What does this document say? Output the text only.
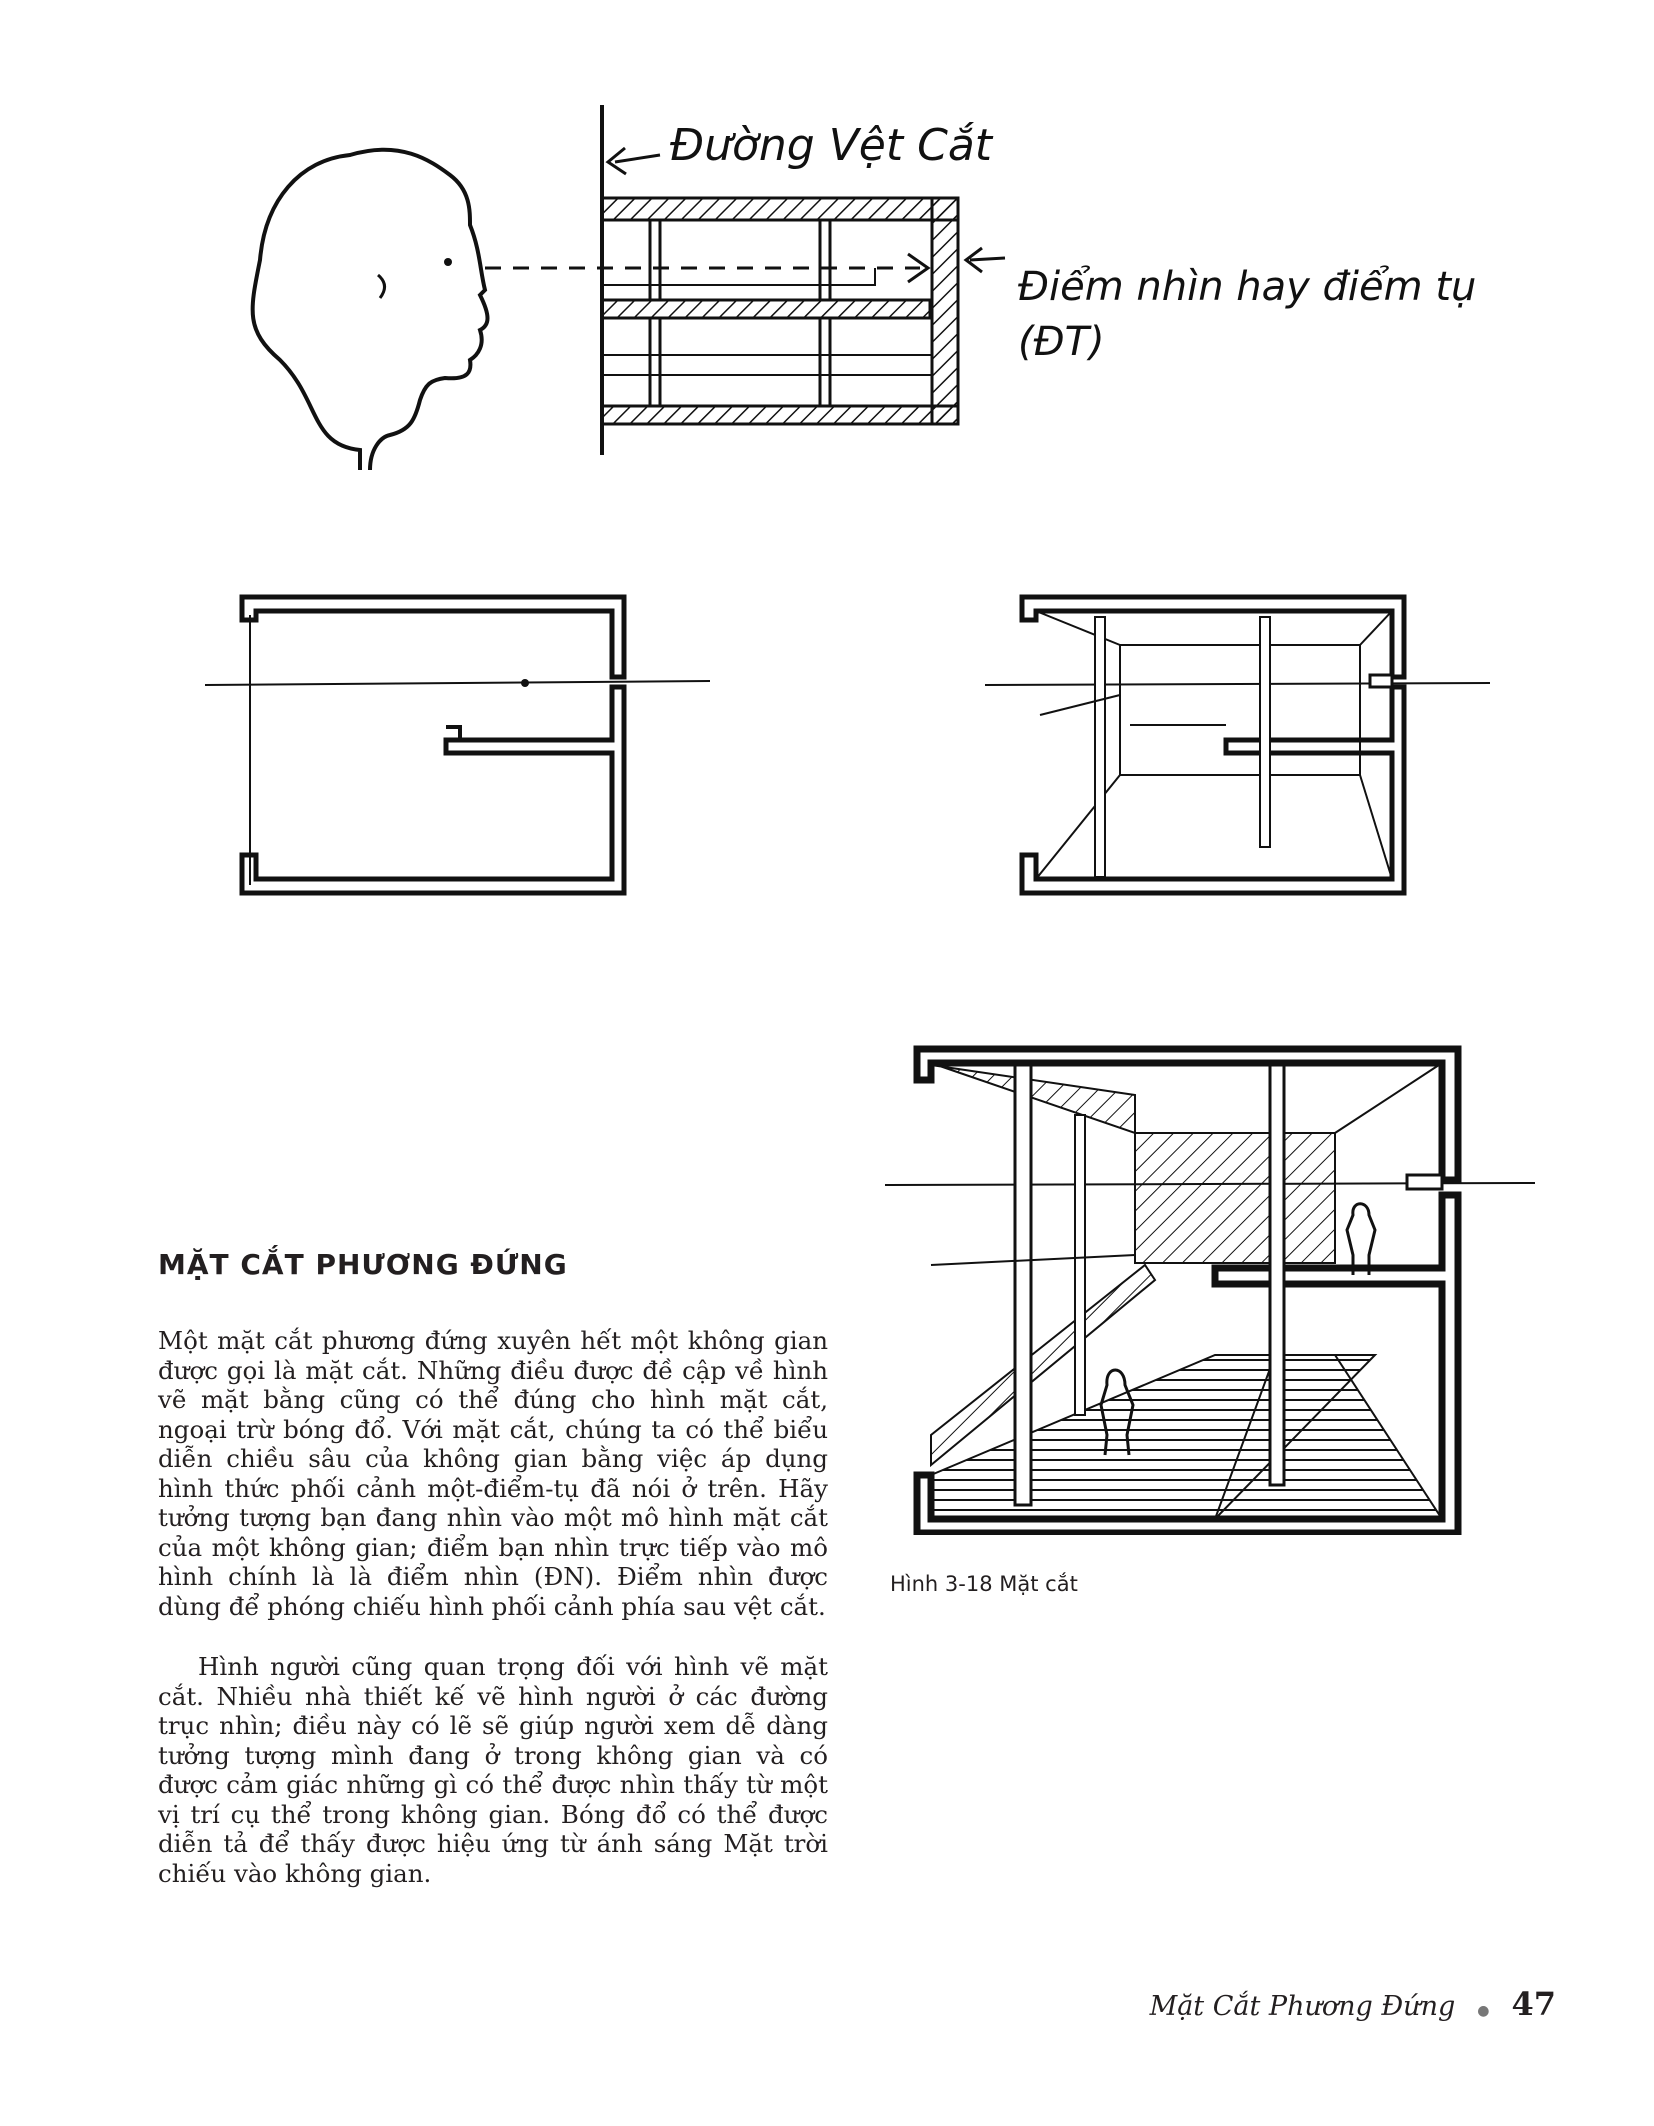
Đường Vệt Cắt
Điểm nhìn hay điểm tụ
(ĐT)
MẶT CẮT PHƯƠNG ĐỨNG

Một mặt cắt phương đứng xuyên hết một không gian được gọi là mặt cắt. Những điều được đề cập về hình vẽ mặt bằng cũng có thể đúng cho hình mặt cắt, ngoại trừ bóng đổ. Với mặt cắt, chúng ta có thể biểu diễn chiều sâu của không gian bằng việc áp dụng hình thức phối cảnh một-điểm-tụ đã nói ở trên. Hãy tưởng tượng bạn đang nhìn vào một mô hình mặt cắt của một không gian; điểm bạn nhìn trực tiếp vào mô hình chính là là điểm nhìn (ĐN). Điểm nhìn được dùng để phóng chiếu hình phối cảnh phía sau vệt cắt.

Hình người cũng quan trọng đối với hình vẽ mặt cắt. Nhiều nhà thiết kế vẽ hình người ở các đường trục nhìn; điều này có lẽ sẽ giúp người xem dễ dàng tưởng tượng mình đang ở trong không gian và có được cảm giác những gì có thể được nhìn thấy từ một vị trí cụ thể trong không gian. Bóng đổ có thể được diễn tả để thấy được hiệu ứng từ ánh sáng Mặt trời chiếu vào không gian.

Hình 3-18 Mặt cắt

Mặt Cắt Phương Đứng ● 47
